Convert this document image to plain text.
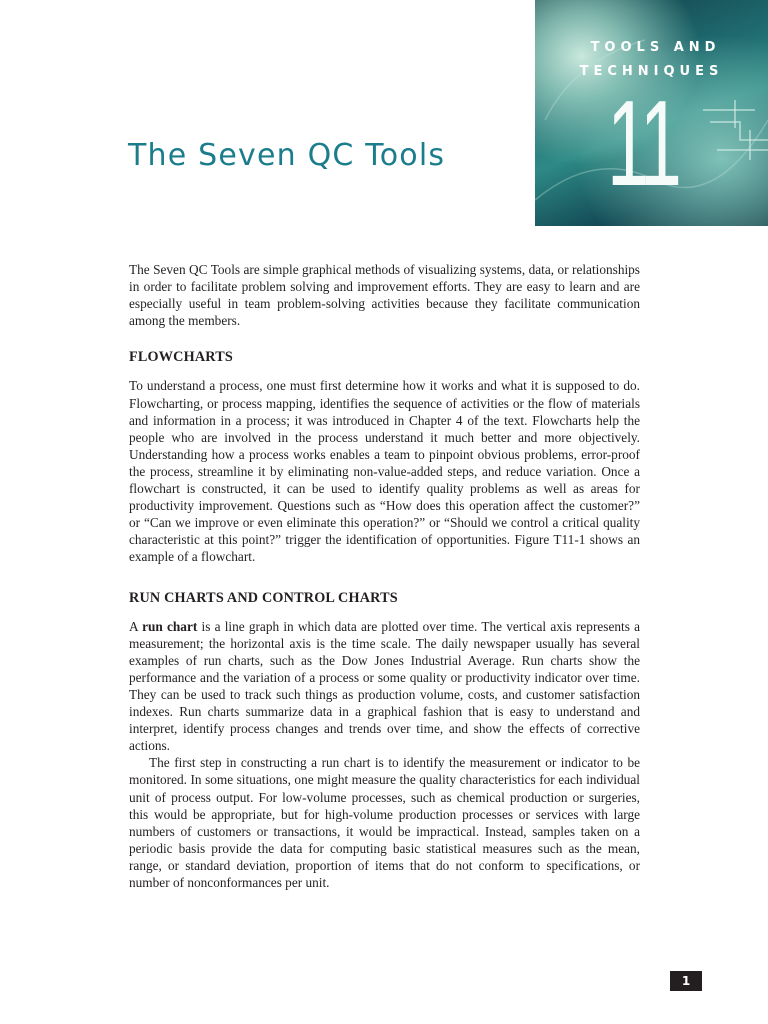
TOOLS AND
TECHNIQUES
11
The Seven QC Tools

The Seven QC Tools are simple graphical methods of visualizing systems, data, or relationships in order to facilitate problem solving and improvement efforts. They are easy to learn and are especially useful in team problem-solving activities because they facilitate communication among the members.

FLOWCHARTS

To understand a process, one must first determine how it works and what it is supposed to do. Flowcharting, or process mapping, identifies the sequence of activities or the flow of materials and information in a process; it was introduced in Chapter 4 of the text. Flowcharts help the people who are involved in the process understand it much better and more objectively. Understanding how a process works enables a team to pinpoint obvious problems, error-proof the process, streamline it by eliminating non-value-added steps, and reduce variation. Once a flowchart is constructed, it can be used to identify quality problems as well as areas for productivity improvement. Questions such as “How does this operation affect the customer?” or “Can we improve or even eliminate this operation?” or “Should we control a critical quality characteristic at this point?” trigger the identification of opportunities. Figure T11-1 shows an example of a flowchart.

RUN CHARTS AND CONTROL CHARTS

A run chart is a line graph in which data are plotted over time. The vertical axis represents a measurement; the horizontal axis is the time scale. The daily newspaper usually has several examples of run charts, such as the Dow Jones Industrial Average. Run charts show the performance and the variation of a process or some quality or productivity indicator over time. They can be used to track such things as production volume, costs, and customer satisfaction indexes. Run charts summarize data in a graphical fashion that is easy to understand and interpret, identify process changes and trends over time, and show the effects of corrective actions.

The first step in constructing a run chart is to identify the measurement or indicator to be monitored. In some situations, one might measure the quality characteristics for each individual unit of process output. For low-volume processes, such as chemical production or surgeries, this would be appropriate, but for high-volume production processes or services with large numbers of customers or transactions, it would be impractical. Instead, samples taken on a periodic basis provide the data for computing basic statistical measures such as the mean, range, or standard deviation, proportion of items that do not conform to specifications, or number of nonconformances per unit.

1
